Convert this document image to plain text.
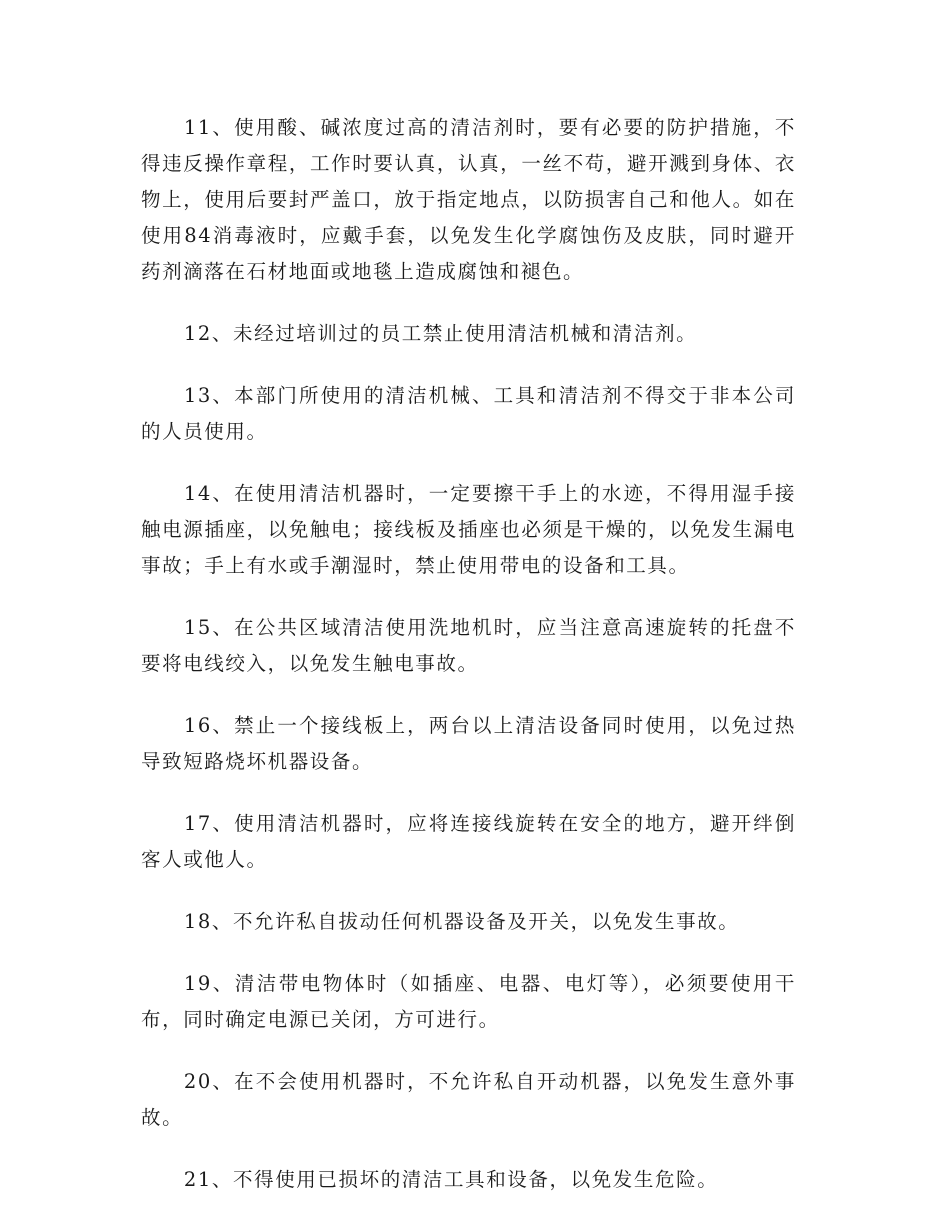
11、使用酸、碱浓度过高的清洁剂时，要有必要的防护措施，不得违反操作章程，工作时要认真，认真，一丝不苟，避开溅到身体、衣物上，使用后要封严盖口，放于指定地点，以防损害自己和他人。如在使用84消毒液时，应戴手套，以免发生化学腐蚀伤及皮肤，同时避开药剂滴落在石材地面或地毯上造成腐蚀和褪色。

12、未经过培训过的员工禁止使用清洁机械和清洁剂。

13、本部门所使用的清洁机械、工具和清洁剂不得交于非本公司的人员使用。

14、在使用清洁机器时，一定要擦干手上的水迹，不得用湿手接触电源插座，以免触电；接线板及插座也必须是干燥的，以免发生漏电事故；手上有水或手潮湿时，禁止使用带电的设备和工具。

15、在公共区域清洁使用洗地机时，应当注意高速旋转的托盘不要将电线绞入，以免发生触电事故。

16、禁止一个接线板上，两台以上清洁设备同时使用，以免过热导致短路烧坏机器设备。

17、使用清洁机器时，应将连接线旋转在安全的地方，避开绊倒客人或他人。

18、不允许私自拔动任何机器设备及开关，以免发生事故。

19、清洁带电物体时（如插座、电器、电灯等），必须要使用干布，同时确定电源已关闭，方可进行。

20、在不会使用机器时，不允许私自开动机器，以免发生意外事故。

21、不得使用已损坏的清洁工具和设备，以免发生危险。
